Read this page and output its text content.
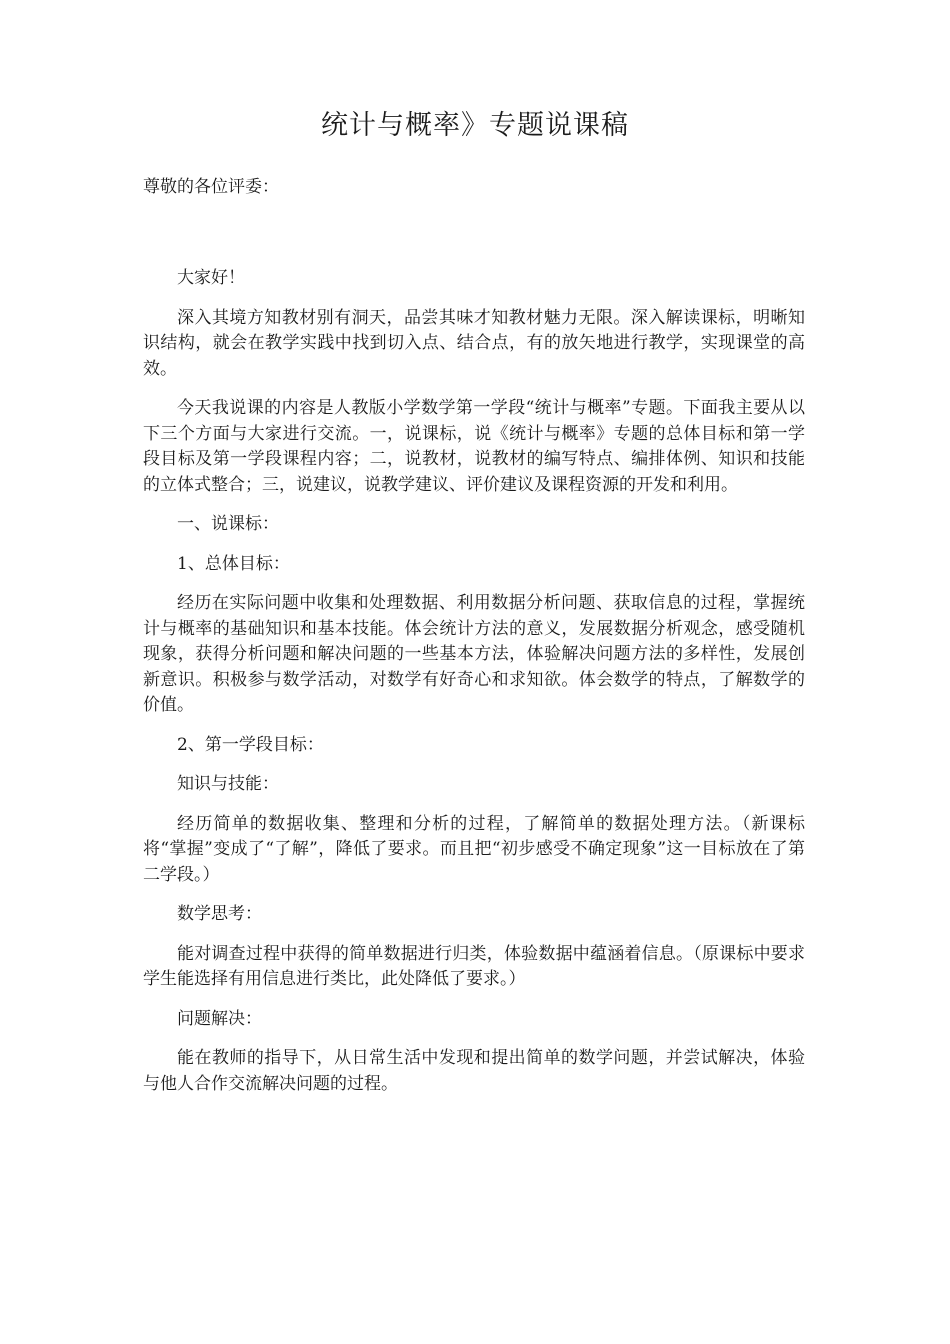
统计与概率》专题说课稿

尊敬的各位评委：

大家好！

深入其境方知教材别有洞天，品尝其味才知教材魅力无限。深入解读课标，明晰知识结构，就会在教学实践中找到切入点、结合点，有的放矢地进行教学，实现课堂的高效。

今天我说课的内容是人教版小学数学第一学段“统计与概率”专题。下面我主要从以下三个方面与大家进行交流。一，说课标，说《统计与概率》专题的总体目标和第一学段目标及第一学段课程内容；二，说教材，说教材的编写特点、编排体例、知识和技能的立体式整合；三，说建议，说教学建议、评价建议及课程资源的开发和利用。

一、说课标：

1、总体目标：

经历在实际问题中收集和处理数据、利用数据分析问题、获取信息的过程，掌握统计与概率的基础知识和基本技能。体会统计方法的意义，发展数据分析观念，感受随机现象，获得分析问题和解决问题的一些基本方法，体验解决问题方法的多样性，发展创新意识。积极参与数学活动，对数学有好奇心和求知欲。体会数学的特点，了解数学的价值。

2、第一学段目标：

知识与技能：

经历简单的数据收集、整理和分析的过程，了解简单的数据处理方法。（新课标将“掌握”变成了“了解”，降低了要求。而且把“初步感受不确定现象”这一目标放在了第二学段。）

数学思考：

能对调查过程中获得的简单数据进行归类，体验数据中蕴涵着信息。（原课标中要求学生能选择有用信息进行类比，此处降低了要求。）

问题解决：

能在教师的指导下，从日常生活中发现和提出简单的数学问题，并尝试解决，体验与他人合作交流解决问题的过程。
